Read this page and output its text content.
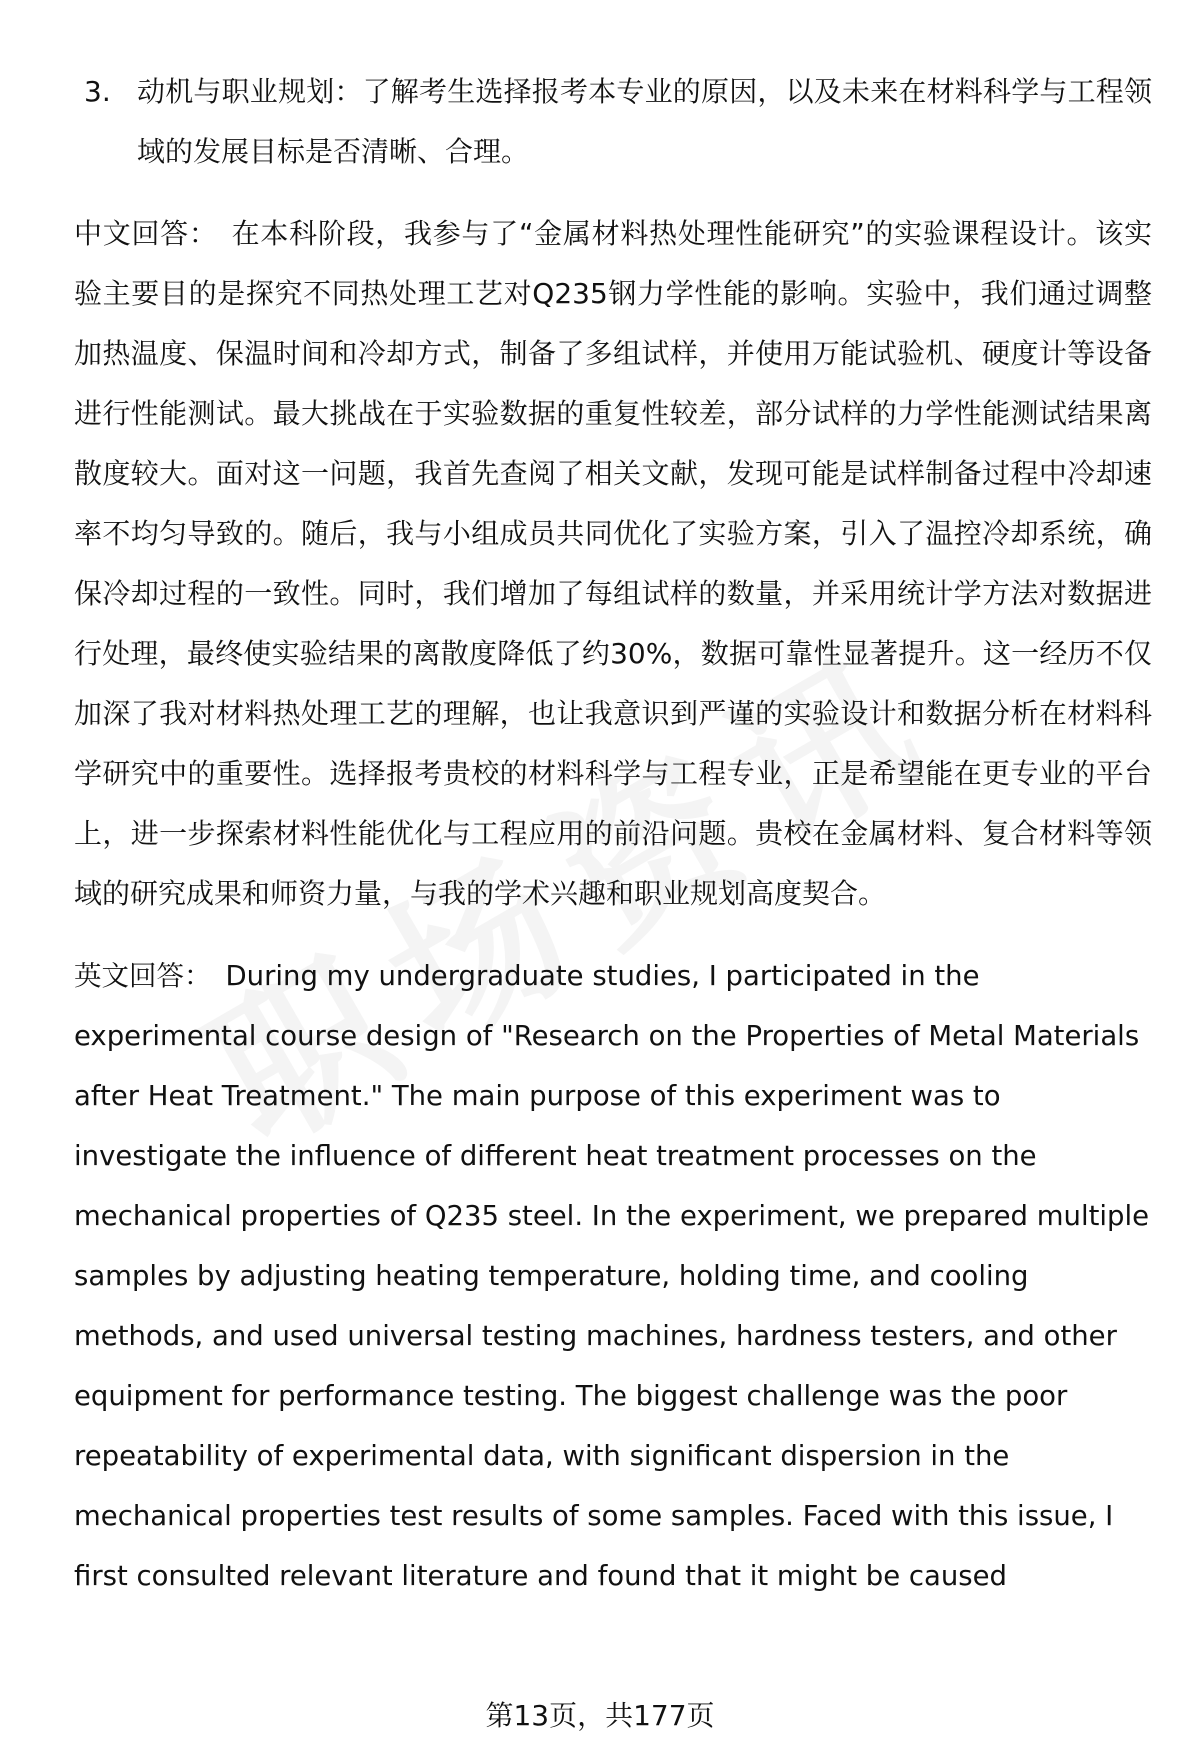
3. 动机与职业规划：了解考生选择报考本专业的原因，以及未来在材料科学与工程领域的发展目标是否清晰、合理。
中文回答： 在本科阶段，我参与了“金属材料热处理性能研究”的实验课程设计。该实验主要目的是探究不同热处理工艺对Q235钢力学性能的影响。实验中，我们通过调整加热温度、保温时间和冷却方式，制备了多组试样，并使用万能试验机、硬度计等设备进行性能测试。最大挑战在于实验数据的重复性较差，部分试样的力学性能测试结果离散度较大。面对这一问题，我首先查阅了相关文献，发现可能是试样制备过程中冷却速率不均匀导致的。随后，我与小组成员共同优化了实验方案，引入了温控冷却系统，确保冷却过程的一致性。同时，我们增加了每组试样的数量，并采用统计学方法对数据进行处理，最终使实验结果的离散度降低了约30%，数据可靠性显著提升。这一经历不仅加深了我对材料热处理工艺的理解，也让我意识到严谨的实验设计和数据分析在材料科学研究中的重要性。选择报考贵校的材料科学与工程专业，正是希望能在更专业的平台上，进一步探索材料性能优化与工程应用的前沿问题。贵校在金属材料、复合材料等领域的研究成果和师资力量，与我的学术兴趣和职业规划高度契合。
英文回答： During my undergraduate studies, I participated in the experimental course design of "Research on the Properties of Metal Materials after Heat Treatment." The main purpose of this experiment was to investigate the influence of different heat treatment processes on the mechanical properties of Q235 steel. In the experiment, we prepared multiple samples by adjusting heating temperature, holding time, and cooling methods, and used universal testing machines, hardness testers, and other equipment for performance testing. The biggest challenge was the poor repeatability of experimental data, with significant dispersion in the mechanical properties test results of some samples. Faced with this issue, I first consulted relevant literature and found that it might be caused
第13页，共177页
